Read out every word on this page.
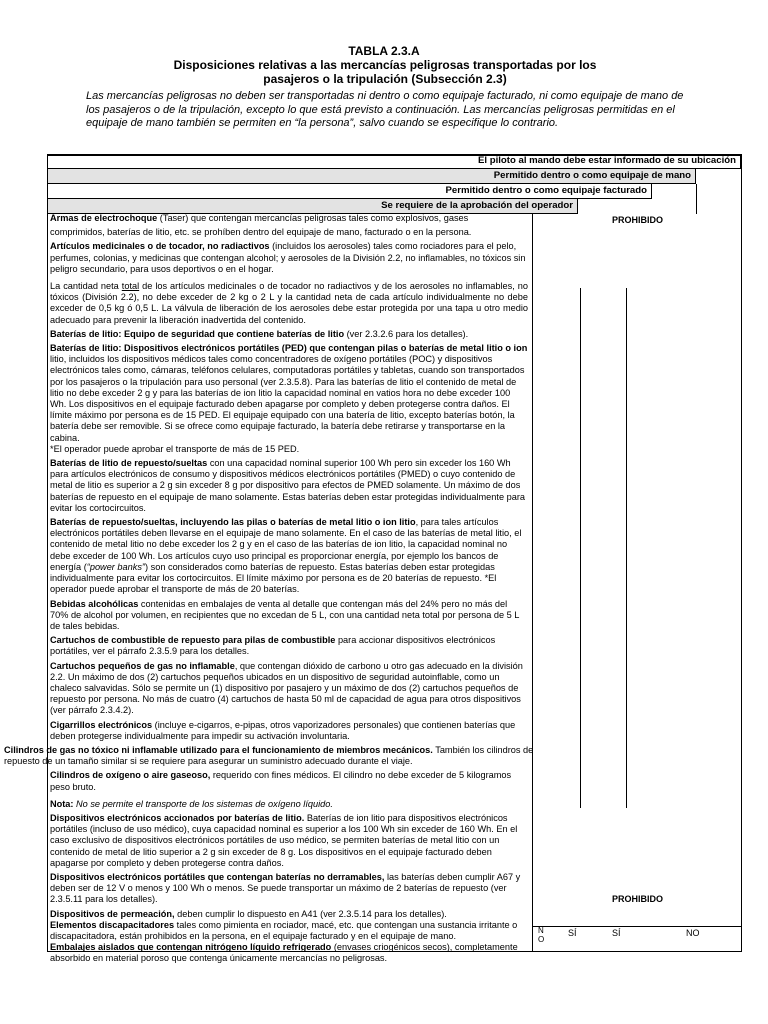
TABLA 2.3.A
Disposiciones relativas a las mercancías peligrosas transportadas por los
pasajeros o la tripulación (Subsección 2.3)
Las mercancías peligrosas no deben ser transportadas ni dentro o como equipaje facturado, ni como equipaje de mano de los pasajeros o de la tripulación, excepto lo que está previsto a continuación. Las mercancías peligrosas permitidas en el equipaje de mano también se permiten en “la persona”, salvo cuando se especifique lo contrario.
El piloto al mando debe estar informado de su ubicación
Permitido dentro o como equipaje de mano
Permitido dentro o como equipaje facturado
Se requiere de la aprobación del operador
PROHIBIDO
PROHIBIDO
N
O
SÍ	SÍ	NO

Armas de electrochoque (Taser) que contengan mercancías peligrosas tales como explosivos, gases

comprimidos, baterías de litio, etc. se prohíben dentro del equipaje de mano, facturado o en la persona.

Artículos medicinales o de tocador, no radiactivos (incluidos los aerosoles) tales como rociadores para el pelo, perfumes, colonias, y medicinas que contengan alcohol; y aerosoles de la División 2.2, no inflamables, no tóxicos sin peligro secundario, para usos deportivos o en el hogar.

La cantidad neta total de los artículos medicinales o de tocador no radiactivos y de los aerosoles no inflamables, no tóxicos (División 2.2), no debe exceder de 2 kg o 2 L y la cantidad neta de cada artículo individualmente no debe exceder de 0,5 kg ó 0,5 L. La válvula de liberación de los aerosoles debe estar protegida por una tapa u otro medio adecuado para prevenir la liberación inadvertida del contenido.

Baterías de litio: Equipo de seguridad que contiene baterías de litio (ver 2.3.2.6 para los detalles).

Baterías de litio: Dispositivos electrónicos portátiles (PED) que contengan pilas o baterías de metal litio o ion litio, incluidos los dispositivos médicos tales como concentradores de oxígeno portátiles (POC) y dispositivos electrónicos tales como, cámaras, teléfonos celulares, computadoras portátiles y tabletas, cuando son transportados por los pasajeros o la tripulación para uso personal (ver 2.3.5.8). Para las baterías de litio el contenido de metal de litio no debe exceder 2 g y para las baterías de ion litio la capacidad nominal en vatios hora no debe exceder 100 Wh. Los dispositivos en el equipaje facturado deben apagarse por completo y deben protegerse contra daños. El límite máximo por persona es de 15 PED. El equipaje equipado con una batería de litio, excepto baterías botón, la batería debe ser removible. Si se ofrece como equipaje facturado, la batería debe retirarse y transportarse en la cabina.

*El operador puede aprobar el transporte de más de 15 PED.

Baterías de litio de repuesto/sueltas con una capacidad nominal superior 100 Wh pero sin exceder los 160 Wh para artículos electrónicos de consumo y dispositivos médicos electrónicos portátiles (PMED) o cuyo contenido de metal de litio es superior a 2 g sin exceder 8 g por dispositivo para efectos de PMED solamente. Un máximo de dos baterías de repuesto en el equipaje de mano solamente. Estas baterías deben estar protegidas individualmente para evitar los cortocircuitos.

Baterías de repuesto/sueltas, incluyendo las pilas o baterías de metal litio o ion litio, para tales artículos electrónicos portátiles deben llevarse en el equipaje de mano solamente. En el caso de las baterías de metal litio, el contenido de metal litio no debe exceder los 2 g y en el caso de las baterías de ion litio, la capacidad nominal no debe exceder de 100 Wh. Los artículos cuyo uso principal es proporcionar energía, por ejemplo los bancos de energía (“power banks”) son considerados como baterías de repuesto. Estas baterías deben estar protegidas individualmente para evitar los cortocircuitos. El límite máximo por persona es de 20 baterías de repuesto. *El operador puede aprobar el transporte de más de 20 baterías.

Bebidas alcohólicas contenidas en embalajes de venta al detalle que contengan más del 24% pero no más del 70% de alcohol por volumen, en recipientes que no excedan de 5 L, con una cantidad neta total por persona de 5 L de tales bebidas.

Cartuchos de combustible de repuesto para pilas de combustible para accionar dispositivos electrónicos portátiles, ver el párrafo 2.3.5.9 para los detalles.

Cartuchos pequeños de gas no inflamable, que contengan dióxido de carbono u otro gas adecuado en la división 2.2. Un máximo de dos (2) cartuchos pequeños ubicados en un dispositivo de seguridad autoinflable, como un chaleco salvavidas. Sólo se permite un (1) dispositivo por pasajero y un máximo de dos (2) cartuchos pequeños de repuesto por persona. No más de cuatro (4) cartuchos de hasta 50 ml de capacidad de agua para otros dispositivos (ver párrafo 2.3.4.2).

Cigarrillos electrónicos (incluye e-cigarros, e-pipas, otros vaporizadores personales) que contienen baterías que deben protegerse individualmente para impedir su activación involuntaria.

Cilindros de gas no tóxico ni inflamable utilizado para el funcionamiento de miembros mecánicos. También los cilindros de repuesto de un tamaño similar si se requiere para asegurar un suministro adecuado durante el viaje.

Cilindros de oxígeno o aire gaseoso, requerido con fines médicos. El cilindro no debe exceder de 5 kilogramos peso bruto.

Nota: No se permite el transporte de los sistemas de oxígeno líquido.

Dispositivos electrónicos accionados por baterías de litio. Baterías de ion litio para dispositivos electrónicos portátiles (incluso de uso médico), cuya capacidad nominal es superior a los 100 Wh sin exceder de 160 Wh. En el caso exclusivo de dispositivos electrónicos portátiles de uso médico, se permiten baterías de metal litio con un contenido de metal de litio superior a 2 g sin exceder de 8 g. Los dispositivos en el equipaje facturado deben apagarse por completo y deben protegerse contra daños.

Dispositivos electrónicos portátiles que contengan baterías no derramables, las baterías deben cumplir A67 y deben ser de 12 V o menos y 100 Wh o menos. Se puede transportar un máximo de 2 baterías de repuesto (ver

2.3.5.11 para los detalles).

Dispositivos de permeación, deben cumplir lo dispuesto en A41 (ver 2.3.5.14 para los detalles).

Elementos discapacitadores tales como pimienta en rociador, macé, etc. que contengan una sustancia irritante o

discapacitadora, están prohibidos en la persona, en el equipaje facturado y en el equipaje de mano.

Embalajes aislados que contengan nitrógeno líquido refrigerado (envases criogénicos secos), completamente absorbido en material poroso que contenga únicamente mercancías no peligrosas.
